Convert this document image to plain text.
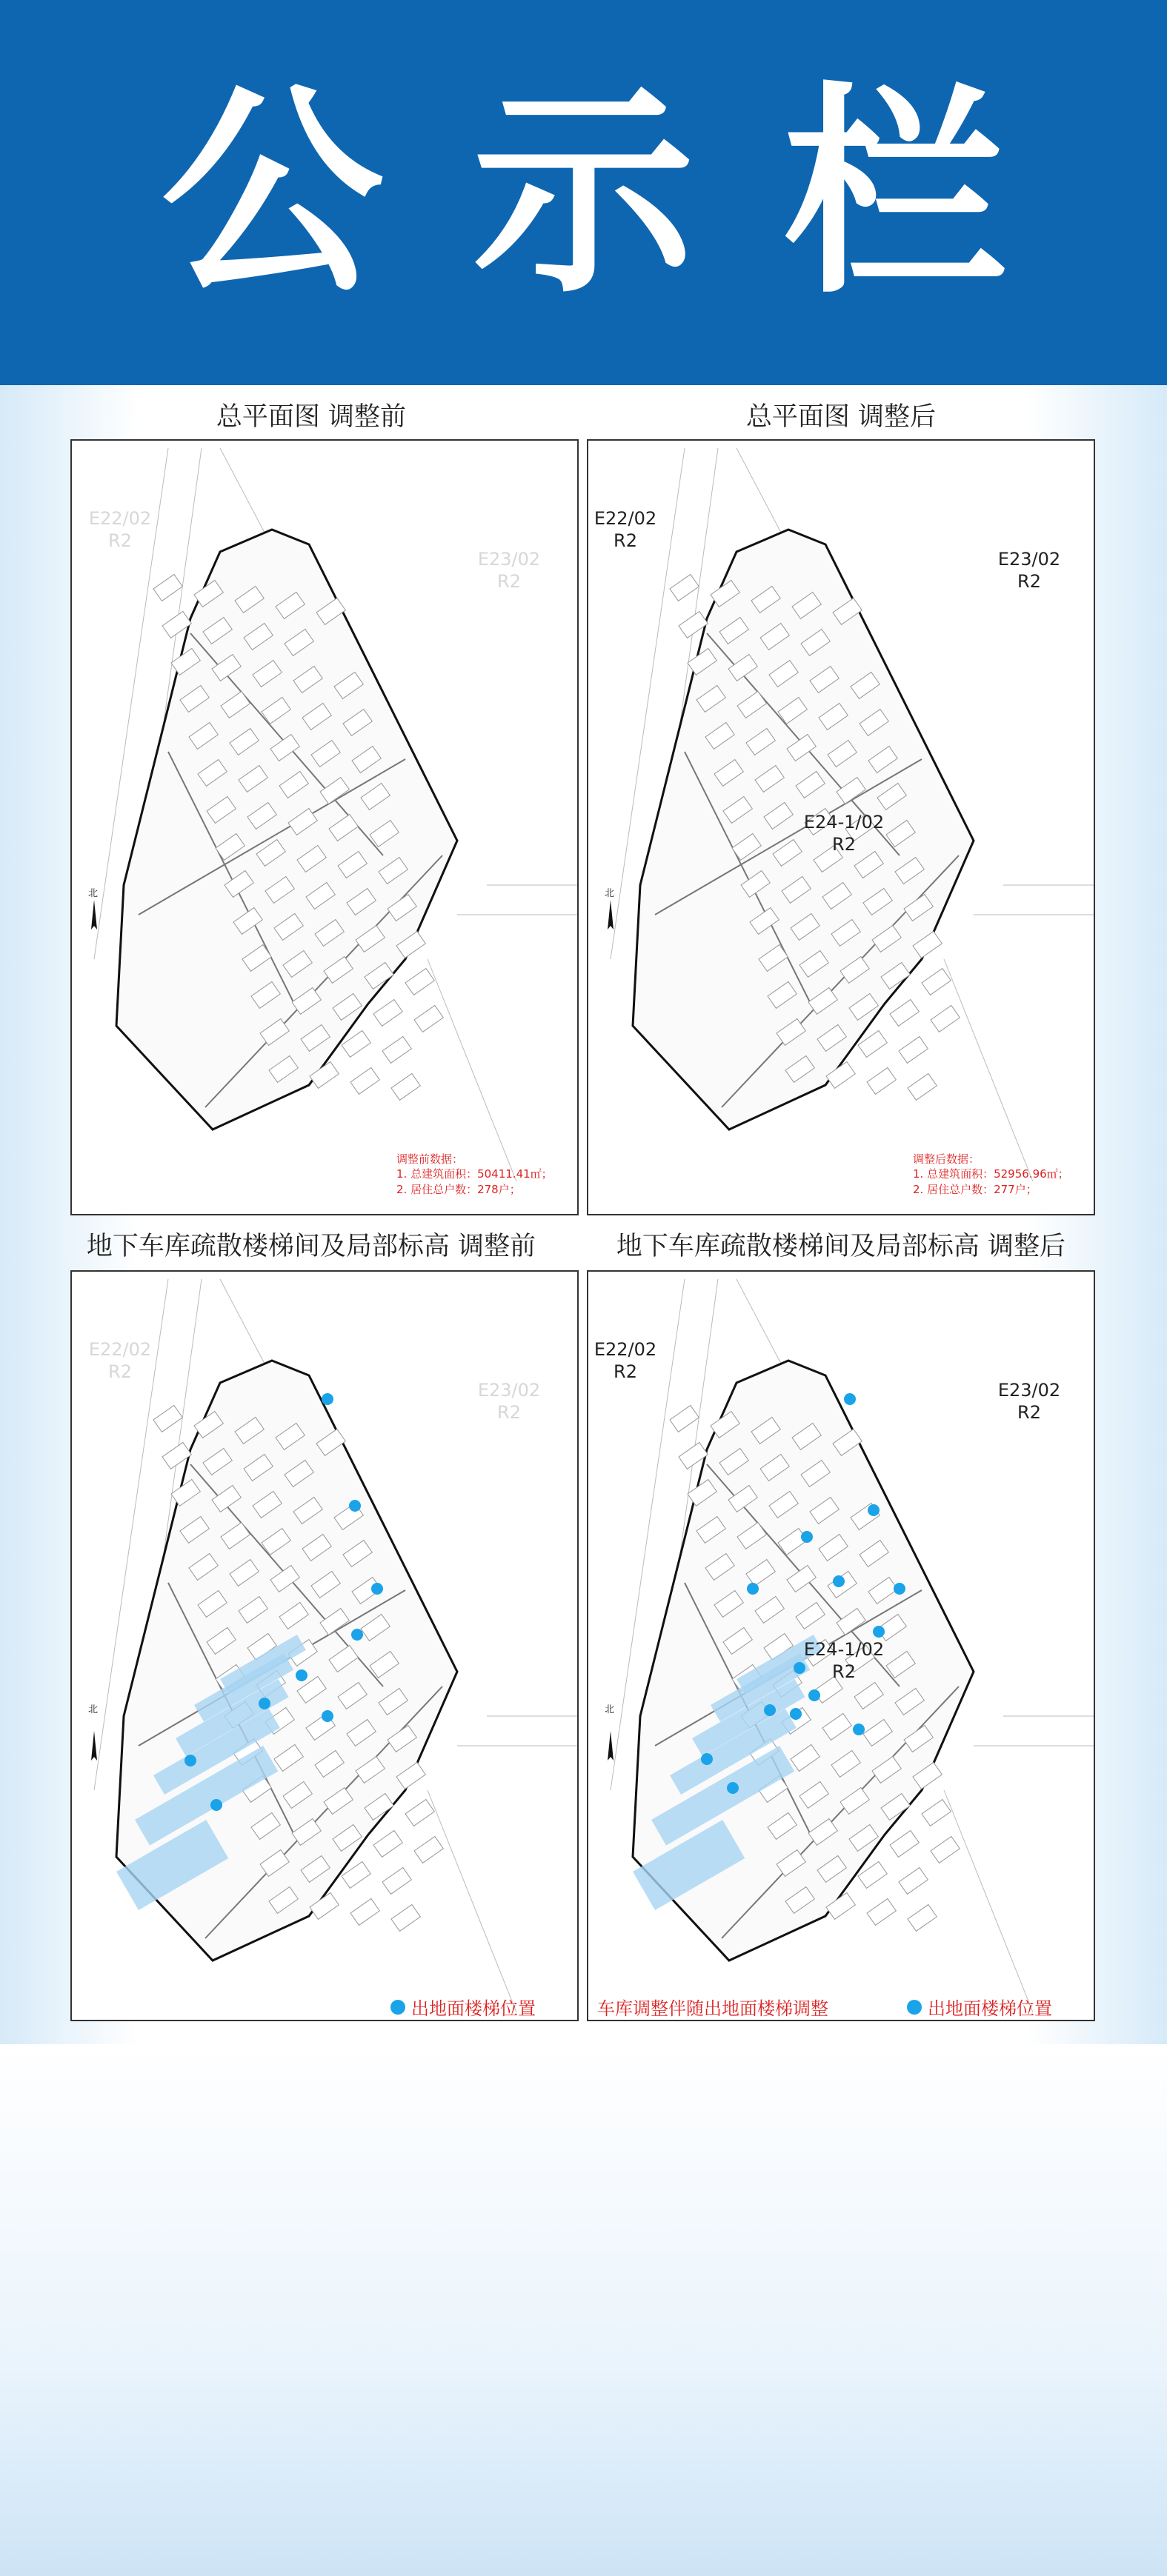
公示栏
总平面图 调整前	总平面图 调整后
地下车库疏散楼梯间及局部标高 调整前	地下车库疏散楼梯间及局部标高 调整后
E22/02
R2
E23/02
R2
北
调整前数据：
1. 总建筑面积：50411.41㎡；
2. 居住总户数：278户；
E22/02
R2
E23/02
R2
E24-1/02
R2
北
调整后数据：
1. 总建筑面积：52956.96㎡；
2. 居住总户数：277户；
E22/02
R2
E23/02
R2
北
出地面楼梯位置
E22/02
R2
E23/02
R2
E24-1/02
R2
北
车库调整伴随出地面楼梯调整	出地面楼梯位置
